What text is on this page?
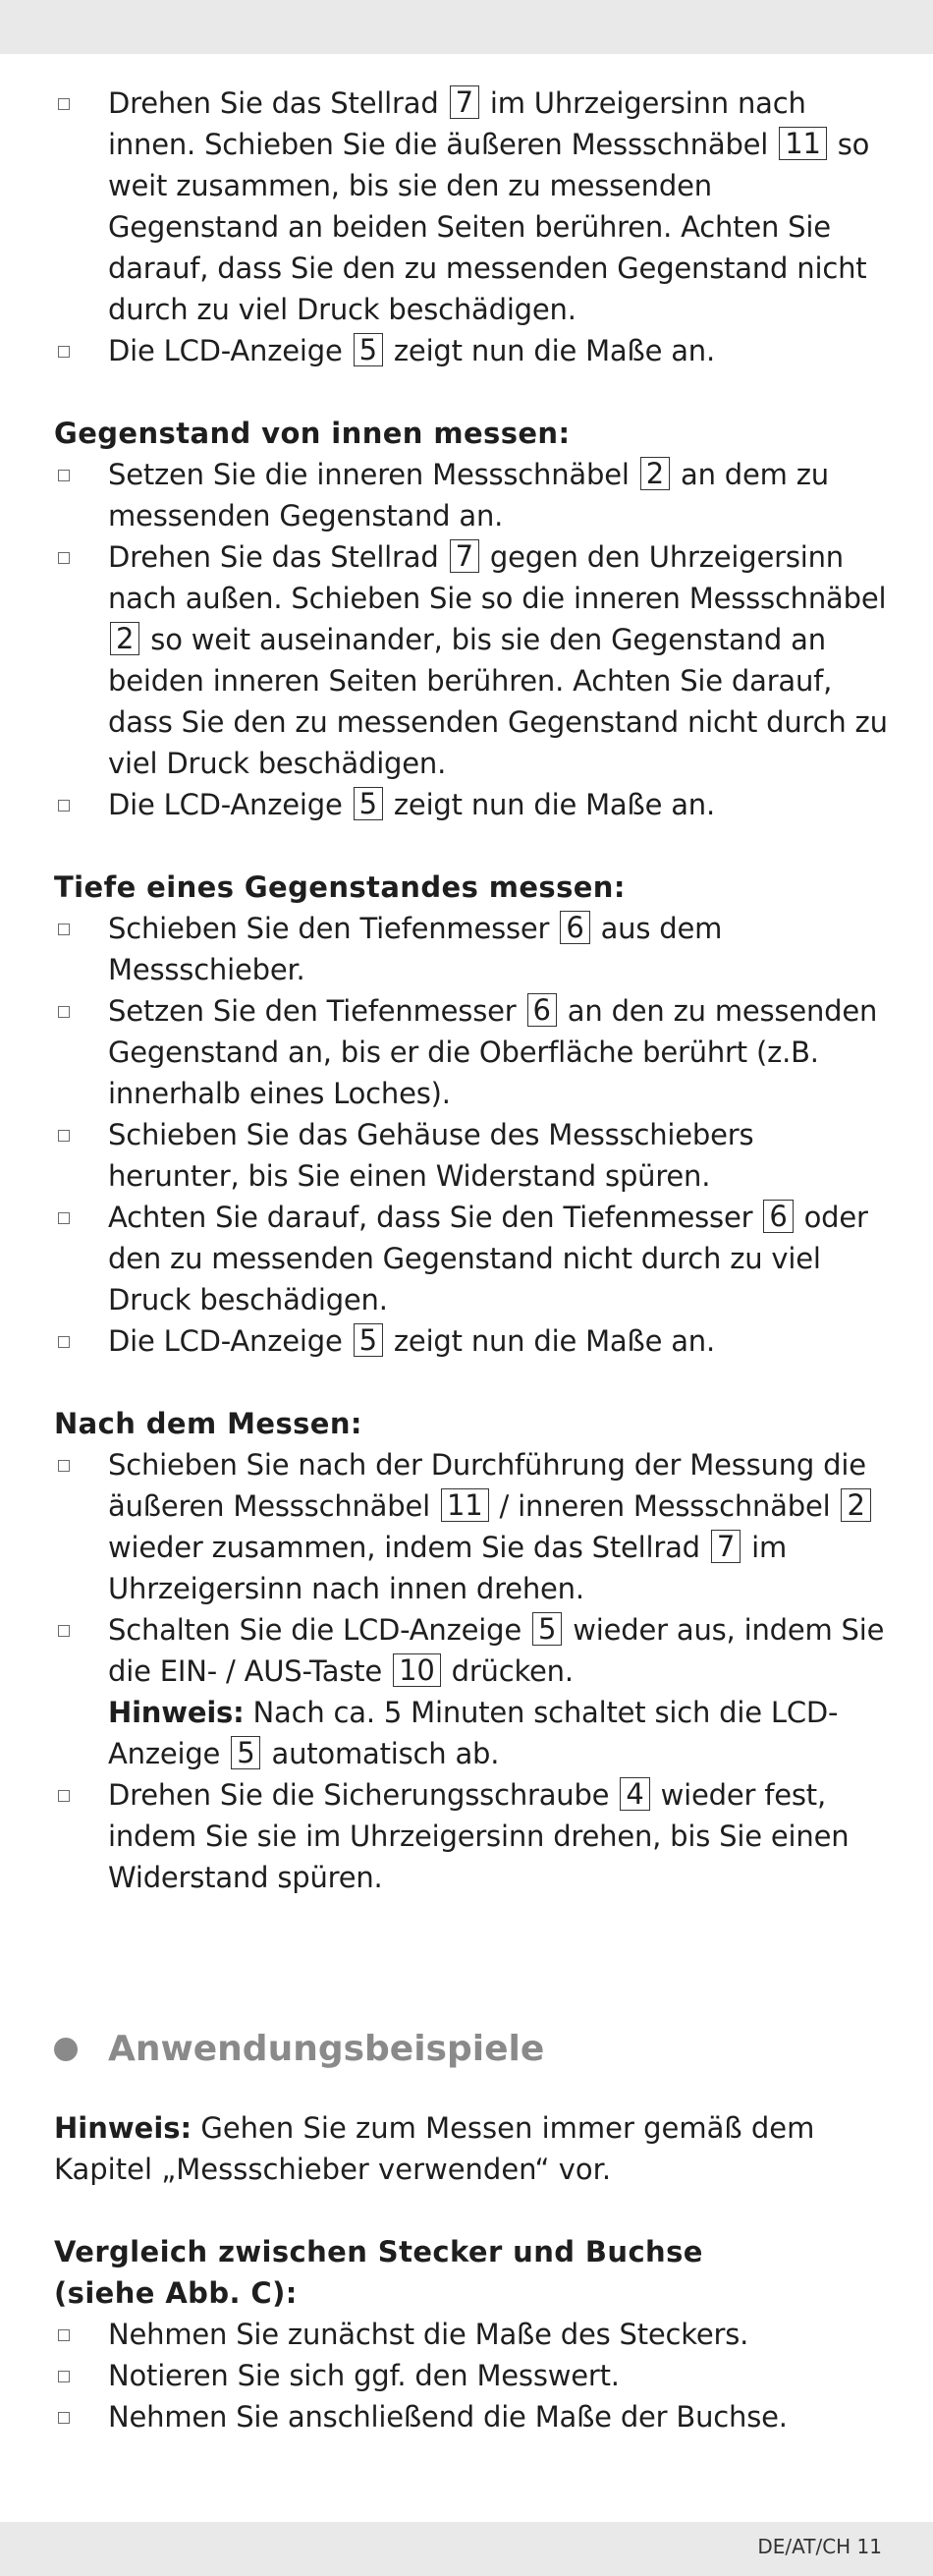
Drehen Sie das Stellrad 7 im Uhrzeigersinn nach innen. Schieben Sie die äußeren Messschnäbel 11 so weit zusammen, bis sie den zu messenden Gegenstand an beiden Seiten berühren. Achten Sie darauf, dass Sie den zu messenden Gegenstand nicht durch zu viel Druck beschädigen.
Die LCD-Anzeige 5 zeigt nun die Maße an.
Gegenstand von innen messen:
Setzen Sie die inneren Messschnäbel 2 an dem zu messenden Gegenstand an.
Drehen Sie das Stellrad 7 gegen den Uhrzeigersinn nach außen. Schieben Sie so die inneren Messschnäbel 2 so weit auseinander, bis sie den Gegenstand an beiden inneren Seiten berühren. Achten Sie darauf, dass Sie den zu messenden Gegenstand nicht durch zu viel Druck beschädigen.
Die LCD-Anzeige 5 zeigt nun die Maße an.
Tiefe eines Gegenstandes messen:
Schieben Sie den Tiefenmesser 6 aus dem Messschieber.
Setzen Sie den Tiefenmesser 6 an den zu messenden Gegenstand an, bis er die Oberfläche berührt (z.B. innerhalb eines Loches).
Schieben Sie das Gehäuse des Messschiebers herunter, bis Sie einen Widerstand spüren.
Achten Sie darauf, dass Sie den Tiefenmesser 6 oder den zu messenden Gegenstand nicht durch zu viel Druck beschädigen.
Die LCD-Anzeige 5 zeigt nun die Maße an.
Nach dem Messen:
Schieben Sie nach der Durchführung der Messung die äußeren Messschnäbel 11 / inneren Messschnäbel 2 wieder zusammen, indem Sie das Stellrad 7 im Uhrzeigersinn nach innen drehen.
Schalten Sie die LCD-Anzeige 5 wieder aus, indem Sie die EIN- / AUS-Taste 10 drücken.
Hinweis: Nach ca. 5 Minuten schaltet sich die LCD-Anzeige 5 automatisch ab.
Drehen Sie die Sicherungsschraube 4 wieder fest, indem Sie sie im Uhrzeigersinn drehen, bis Sie einen Widerstand spüren.
Anwendungsbeispiele
Hinweis: Gehen Sie zum Messen immer gemäß dem Kapitel „Messschieber verwenden“ vor.
Vergleich zwischen Stecker und Buchse
(siehe Abb. C):
Nehmen Sie zunächst die Maße des Steckers.
Notieren Sie sich ggf. den Messwert.
Nehmen Sie anschließend die Maße der Buchse.
DE/AT/CH 11
